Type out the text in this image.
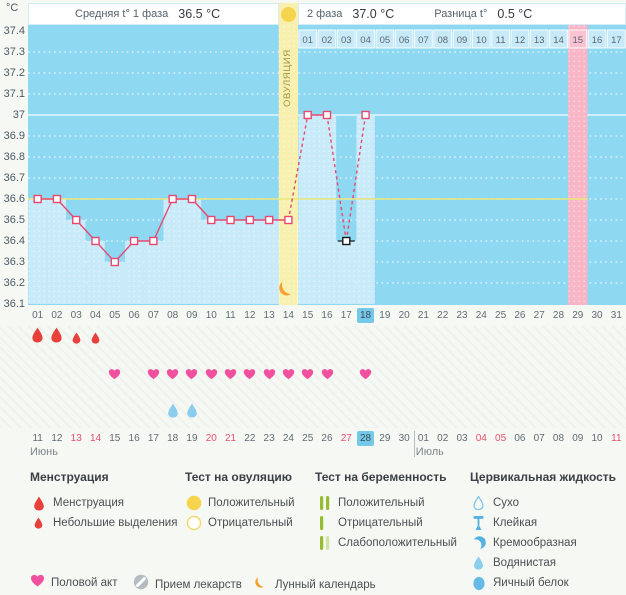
°C	Средняя t° 1 фаза 36.5 °C	2 фаза 37.0 °C	Разница t° 0.5 °C
37.4
37.3
37.2
37.1
37
36.9
36.8
36.7
36.6
36.5
36.4
36.3
36.2
36.1
01 02 03 04 05 06 07 08 09 10 11 12 13 14 15 16 17
ОВУЛЯЦИЯ
01 02 03 04 05 06 07 08 09 10 11 12 13 14 15 16 17 18 19 20 21 22 23 24 25 26 27 28 29 30 31
11 12 13 14 15 16 17 18 19 20 21 22 23 24 25 26 27 28 29 30 01 02 03 04 05 06 07 08 09 10 11
Июнь	Июль
Менструация
Менструация
Небольшие выделения
Тест на овуляцию
Положительный
Отрицательный
Тест на беременность
Положительный
Отрицательный
Слабоположительный
Цервикальная жидкость
Сухо
Клейкая
Кремообразная
Водянистая
Яичный белок
Половой акт	Прием лекарств	Лунный календарь
